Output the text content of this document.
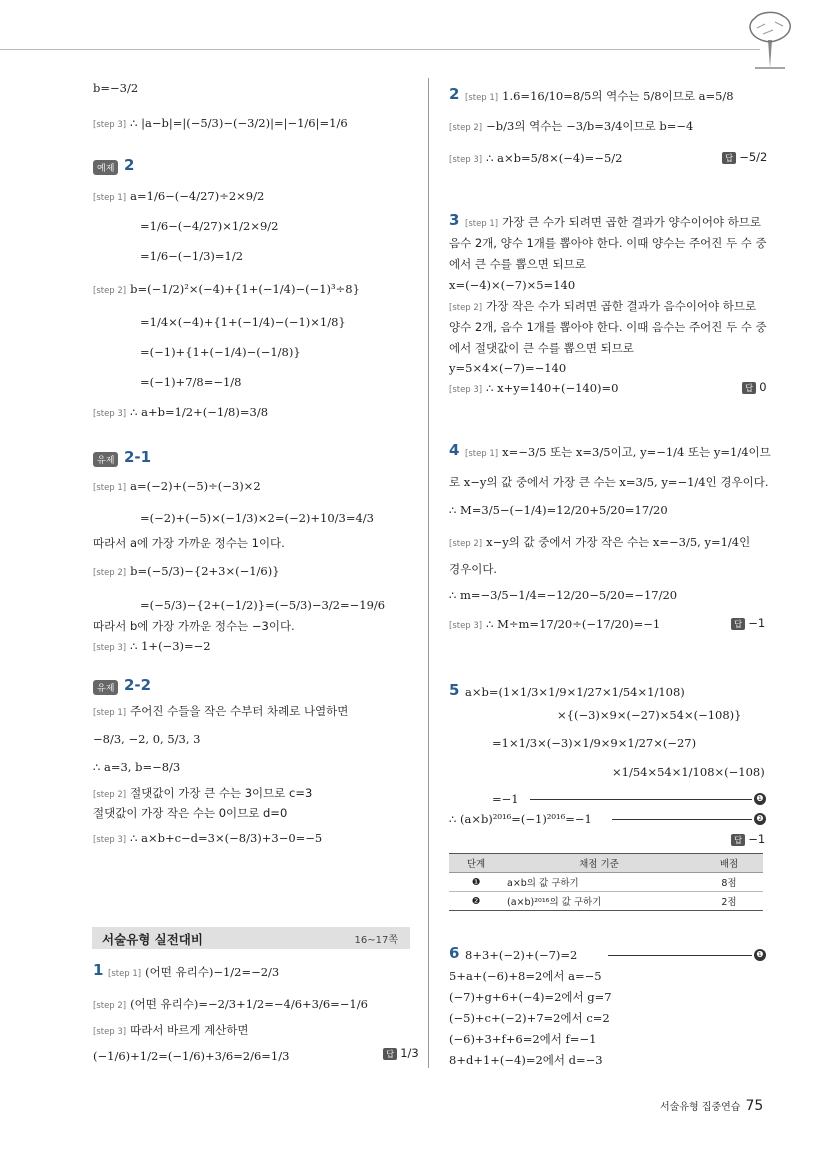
b=−3/2
[step 3] ∴ |a−b|=|(−5/3)−(−3/2)|=|−1/6|=1/6
예제 2
[step 1] a=1/6−(−4/27)÷2×9/2
=1/6−(−4/27)×1/2×9/2
=1/6−(−1/3)=1/2
[step 2] b=(−1/2)²×(−4)+{1+(−1/4)−(−1)³÷8}
=1/4×(−4)+{1+(−1/4)−(−1)×1/8}
=(−1)+{1+(−1/4)−(−1/8)}
=(−1)+7/8=−1/8
[step 3] ∴ a+b=1/2+(−1/8)=3/8
유제 2-1
[step 1] a=(−2)+(−5)÷(−3)×2
=(−2)+(−5)×(−1/3)×2=(−2)+10/3=4/3
따라서 a에 가장 가까운 정수는 1이다.
[step 2] b=(−5/3)−{2+3×(−1/6)}
=(−5/3)−{2+(−1/2)}=(−5/3)−3/2=−19/6
따라서 b에 가장 가까운 정수는 −3이다.
[step 3] ∴ 1+(−3)=−2
유제 2-2
[step 1] 주어진 수들을 작은 수부터 차례로 나열하면
−8/3, −2, 0, 5/3, 3
∴ a=3, b=−8/3
[step 2] 절댓값이 가장 큰 수는 3이므로 c=3
절댓값이 가장 작은 수는 0이므로 d=0
[step 3] ∴ a×b+c−d=3×(−8/3)+3−0=−5
서술유형 실전대비	16~17쪽
1 [step 1] (어떤 유리수)−1/2=−2/3
[step 2] (어떤 유리수)=−2/3+1/2=−4/6+3/6=−1/6
[step 3] 따라서 바르게 계산하면
(−1/6)+1/2=(−1/6)+3/6=2/6=1/3	답 1/3
2 [step 1] 1.6=16/10=8/5의 역수는 5/8이므로 a=5/8
[step 2] −b/3의 역수는 −3/b=3/4이므로 b=−4
[step 3] ∴ a×b=5/8×(−4)=−5/2	답 −5/2
3 [step 1] 가장 큰 수가 되려면 곱한 결과가 양수이어야 하므로
음수 2개, 양수 1개를 뽑아야 한다. 이때 양수는 주어진 두 수 중
에서 큰 수를 뽑으면 되므로
x=(−4)×(−7)×5=140
[step 2] 가장 작은 수가 되려면 곱한 결과가 음수이어야 하므로
양수 2개, 음수 1개를 뽑아야 한다. 이때 음수는 주어진 두 수 중
에서 절댓값이 큰 수를 뽑으면 되므로
y=5×4×(−7)=−140
[step 3] ∴ x+y=140+(−140)=0	답 0
4 [step 1] x=−3/5 또는 x=3/5이고, y=−1/4 또는 y=1/4이므
로 x−y의 값 중에서 가장 큰 수는 x=3/5, y=−1/4인 경우이다.
∴ M=3/5−(−1/4)=12/20+5/20=17/20
[step 2] x−y의 값 중에서 가장 작은 수는 x=−3/5, y=1/4인
경우이다.
∴ m=−3/5−1/4=−12/20−5/20=−17/20
[step 3] ∴ M÷m=17/20÷(−17/20)=−1	답 −1
5 a×b=(1×1/3×1/9×1/27×1/54×1/108)
×{(−3)×9×(−27)×54×(−108)}
=1×1/3×(−3)×1/9×9×1/27×(−27)
×1/54×54×1/108×(−108)
=−1	❶
∴ (a×b)²⁰¹⁶=(−1)²⁰¹⁶=−1	❷
답 −1
단계	채점 기준	배점
❶	a×b의 값 구하기	8점
❷	(a×b)²⁰¹⁶의 값 구하기	2점
6 8+3+(−2)+(−7)=2	❶
5+a+(−6)+8=2에서 a=−5
(−7)+g+6+(−4)=2에서 g=7
(−5)+c+(−2)+7=2에서 c=2
(−6)+3+f+6=2에서 f=−1
8+d+1+(−4)=2에서 d=−3
서술유형 집중연습 75
